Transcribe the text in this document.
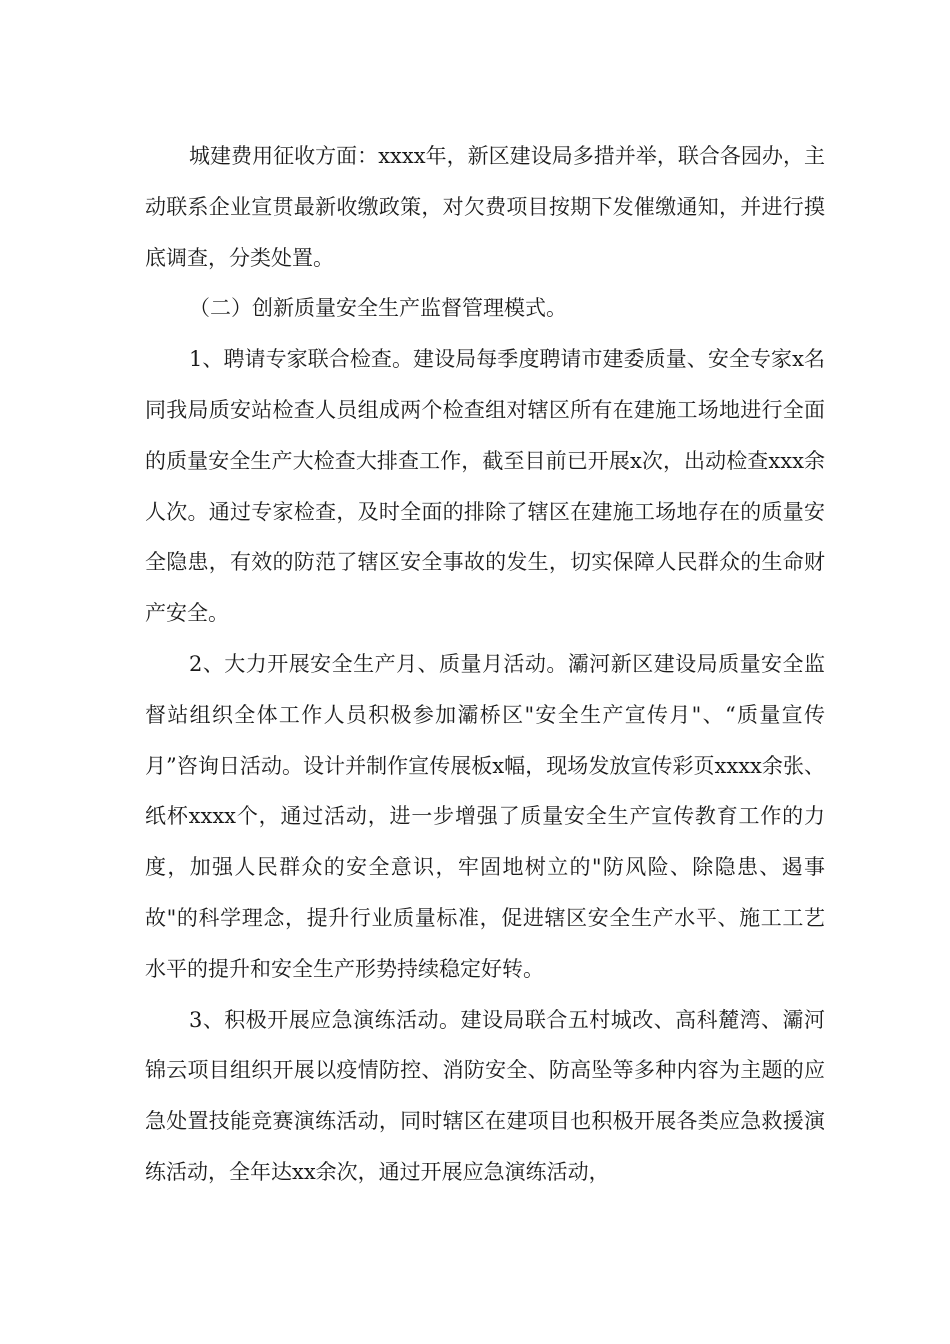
城建费用征收方面：xxxx年，新区建设局多措并举，联合各园办，主动联系企业宣贯最新收缴政策，对欠费项目按期下发催缴通知，并进行摸底调查，分类处置。

（二）创新质量安全生产监督管理模式。

1、聘请专家联合检查。建设局每季度聘请市建委质量、安全专家x名同我局质安站检查人员组成两个检查组对辖区所有在建施工场地进行全面的质量安全生产大检查大排查工作，截至目前已开展x次，出动检查xxx余人次。通过专家检查，及时全面的排除了辖区在建施工场地存在的质量安全隐患，有效的防范了辖区安全事故的发生，切实保障人民群众的生命财产安全。

2、大力开展安全生产月、质量月活动。灞河新区建设局质量安全监督站组织全体工作人员积极参加灞桥区"安全生产宣传月"、“质量宣传月”咨询日活动。设计并制作宣传展板x幅，现场发放宣传彩页xxxx余张、纸杯xxxx个，通过活动，进一步增强了质量安全生产宣传教育工作的力度，加强人民群众的安全意识，牢固地树立的"防风险、除隐患、遏事故"的科学理念，提升行业质量标准，促进辖区安全生产水平、施工工艺水平的提升和安全生产形势持续稳定好转。

3、积极开展应急演练活动。建设局联合五村城改、高科麓湾、灞河锦云项目组织开展以疫情防控、消防安全、防高坠等多种内容为主题的应急处置技能竞赛演练活动，同时辖区在建项目也积极开展各类应急救援演练活动，全年达xx余次，通过开展应急演练活动，
